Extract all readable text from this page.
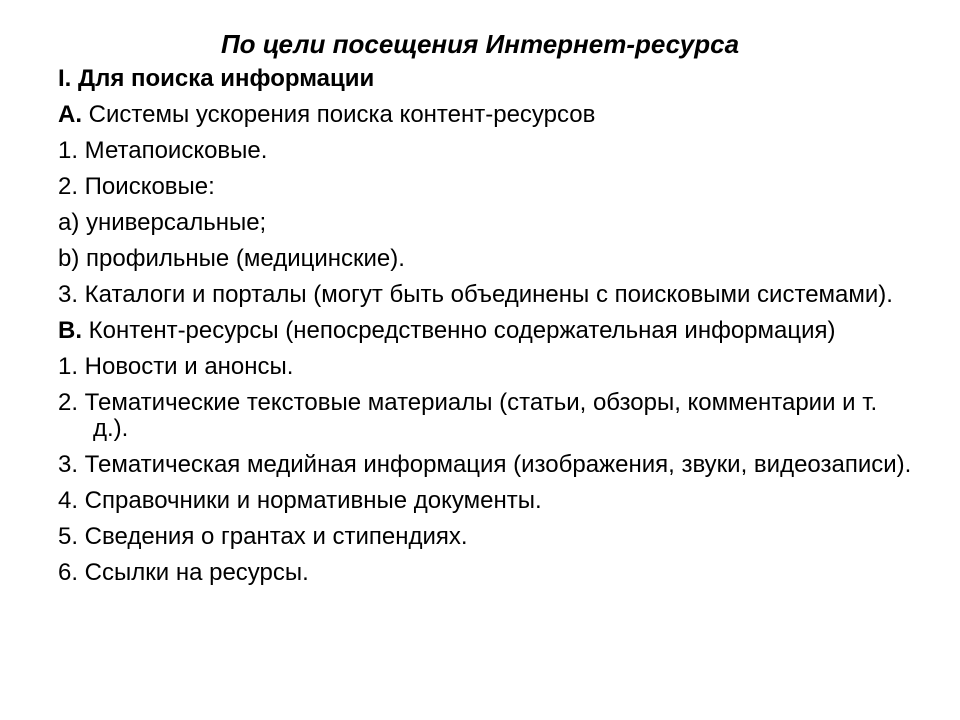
По цели посещения Интернет-ресурса

I. Для поиска информации

A. Системы ускорения поиска контент-ресурсов

1. Метапоисковые.

2. Поисковые:

a) универсальные;

b) профильные (медицинские).

3. Каталоги и порталы (могут быть объединены с поисковыми системами).

B. Контент-ресурсы (непосредственно содержательная информация)

1. Новости и анонсы.

2. Тематические текстовые материалы (статьи, обзоры, комментарии и т. д.).

3. Тематическая медийная информация (изображения, звуки, видеозаписи).

4. Справочники и нормативные документы.

5. Сведения о грантах и стипендиях.

6. Ссылки на ресурсы.
